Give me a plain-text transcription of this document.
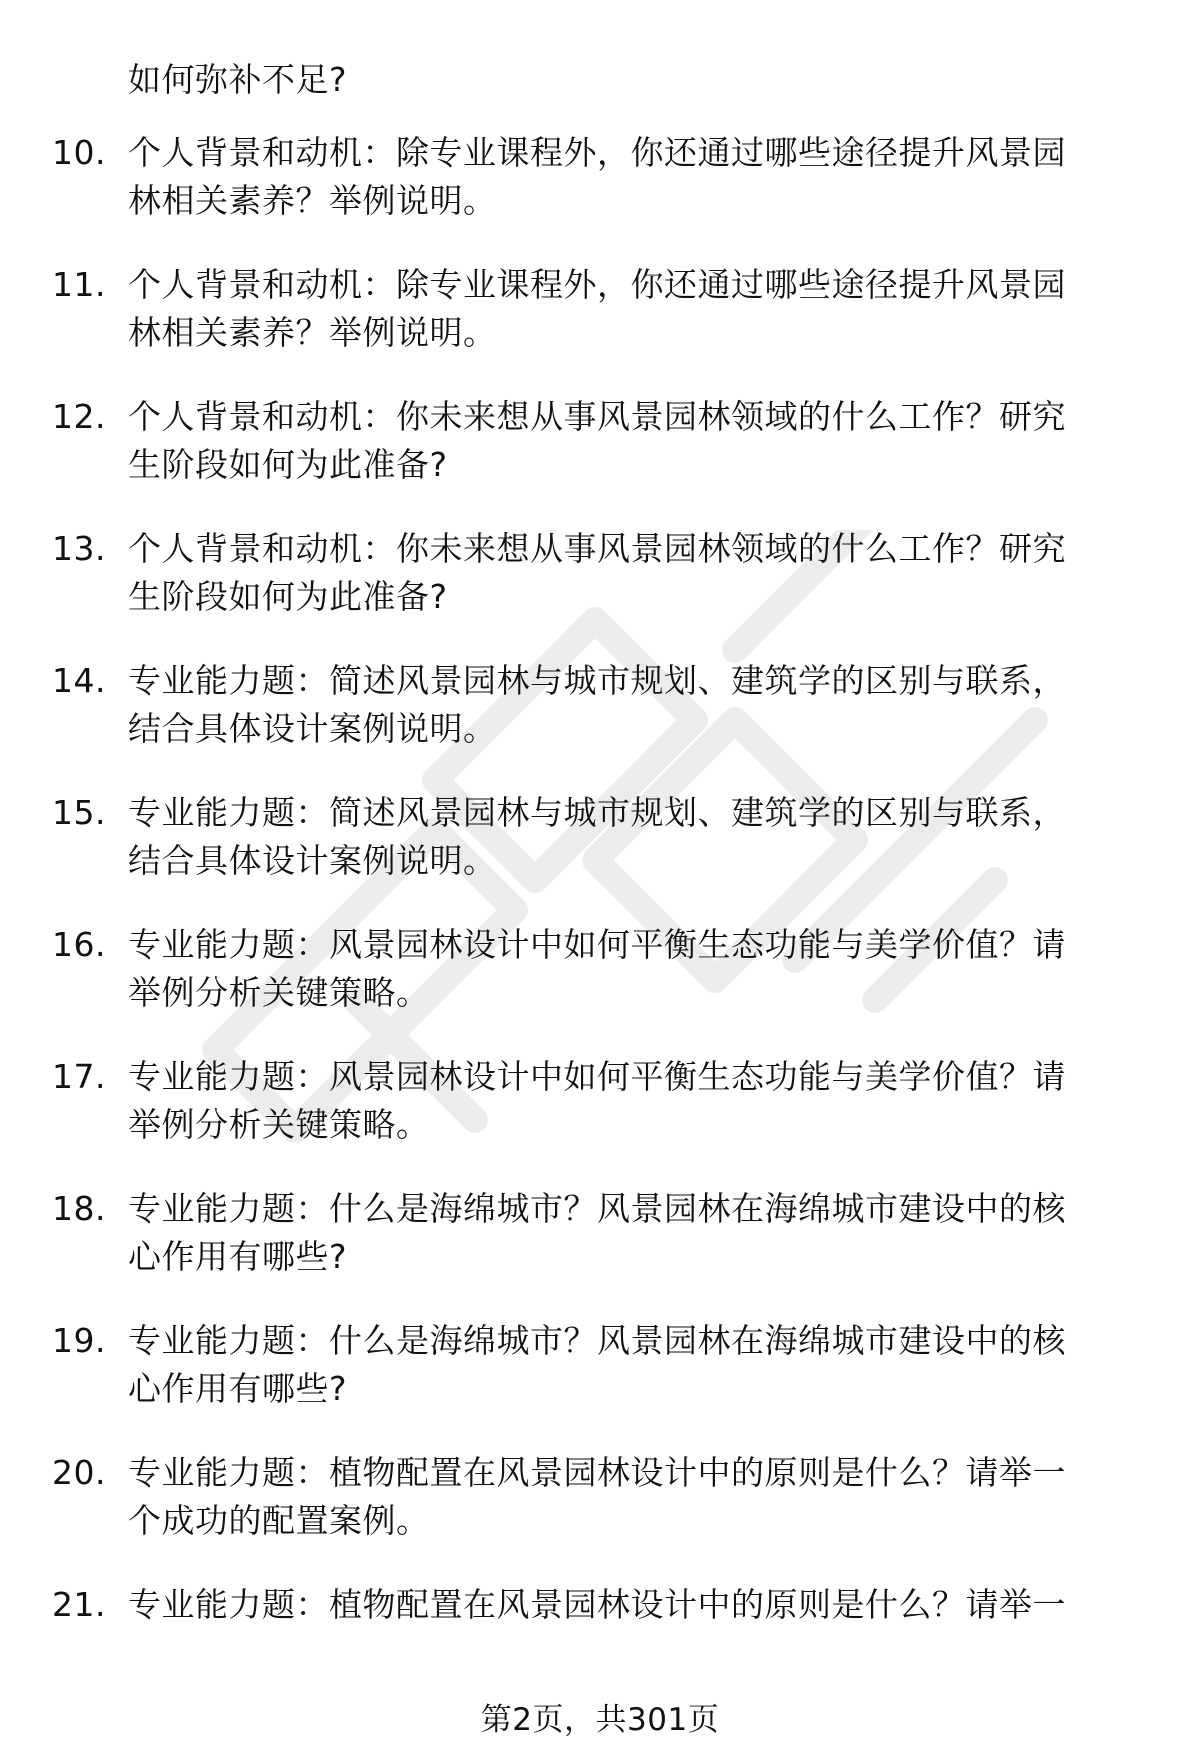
如何弥补不足?
10. 个人背景和动机：除专业课程外，你还通过哪些途径提升风景园
林相关素养？举例说明。
11. 个人背景和动机：除专业课程外，你还通过哪些途径提升风景园
林相关素养？举例说明。
12. 个人背景和动机：你未来想从事风景园林领域的什么工作？研究
生阶段如何为此准备?
13. 个人背景和动机：你未来想从事风景园林领域的什么工作？研究
生阶段如何为此准备?
14. 专业能力题：简述风景园林与城市规划、建筑学的区别与联系，
结合具体设计案例说明。
15. 专业能力题：简述风景园林与城市规划、建筑学的区别与联系，
结合具体设计案例说明。
16. 专业能力题：风景园林设计中如何平衡生态功能与美学价值？请
举例分析关键策略。
17. 专业能力题：风景园林设计中如何平衡生态功能与美学价值？请
举例分析关键策略。
18. 专业能力题：什么是海绵城市？风景园林在海绵城市建设中的核
心作用有哪些?
19. 专业能力题：什么是海绵城市？风景园林在海绵城市建设中的核
心作用有哪些?
20. 专业能力题：植物配置在风景园林设计中的原则是什么？请举一
个成功的配置案例。
21. 专业能力题：植物配置在风景园林设计中的原则是什么？请举一
第2页，共301页
